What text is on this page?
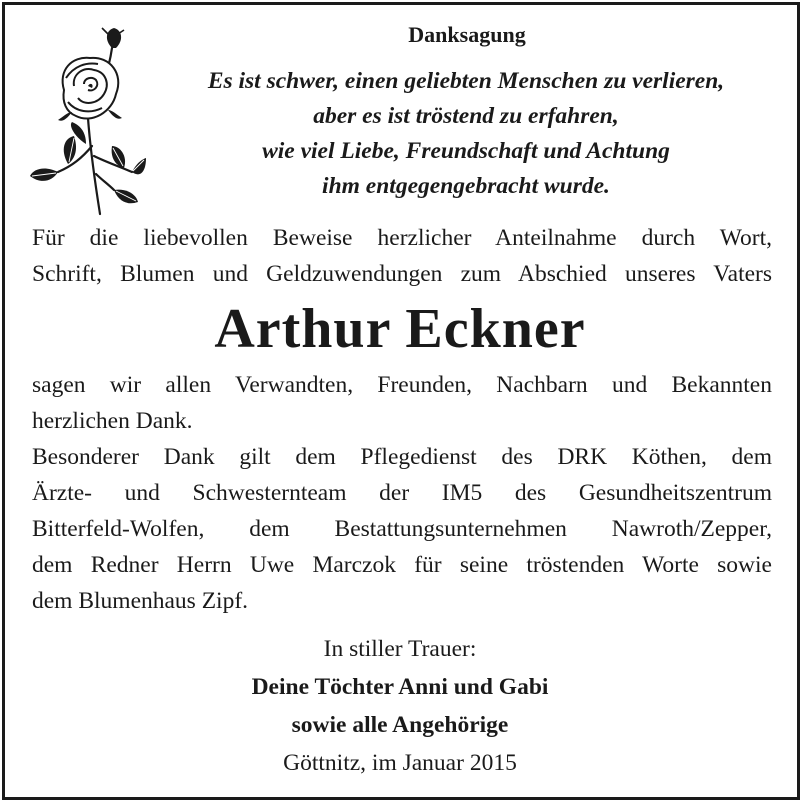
Danksagung
Es ist schwer, einen geliebten Menschen zu verlieren,
aber es ist tröstend zu erfahren,
wie viel Liebe, Freundschaft und Achtung
ihm entgegengebracht wurde.
Für die liebevollen Beweise herzlicher Anteilnahme durch Wort,
Schrift, Blumen und Geldzuwendungen zum Abschied unseres Vaters
Arthur Eckner
sagen wir allen Verwandten, Freunden, Nachbarn und Bekannten
herzlichen Dank.
Besonderer Dank gilt dem Pflegedienst des DRK Köthen, dem
Ärzte- und Schwesternteam der IM5 des Gesundheitszentrum
Bitterfeld-Wolfen, dem Bestattungsunternehmen Nawroth/Zepper,
dem Redner Herrn Uwe Marczok für seine tröstenden Worte sowie
dem Blumenhaus Zipf.
In stiller Trauer:
Deine Töchter Anni und Gabi
sowie alle Angehörige
Göttnitz, im Januar 2015
